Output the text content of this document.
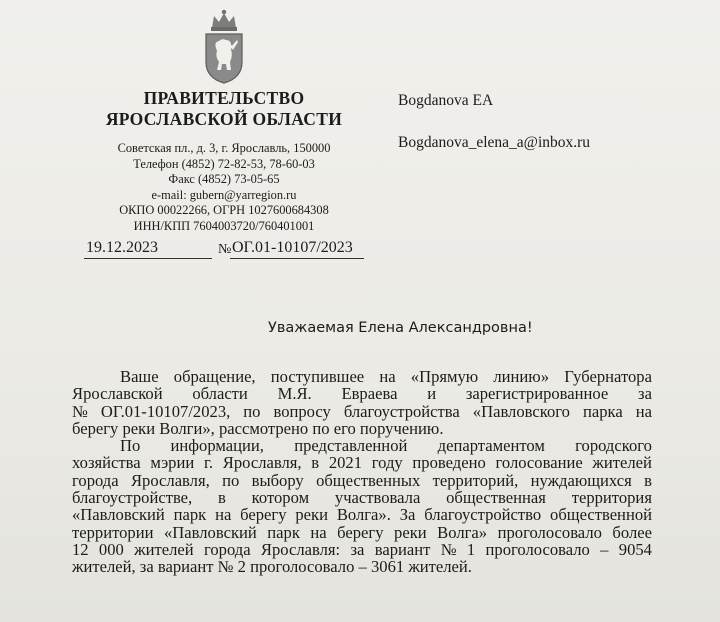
ПРАВИТЕЛЬСТВО
ЯРОСЛАВСКОЙ ОБЛАСТИ
Советская пл., д. 3, г. Ярославль, 150000
Телефон (4852) 72-82-53, 78-60-03
Факс (4852) 73-05-65
e-mail: gubern@yarregion.ru
ОКПО 00022266, ОГРН 1027600684308
ИНН/КПП 7604003720/760401001
Bogdanova EA
Bogdanova_elena_a@inbox.ru
19.12.2023	№ ОГ.01-10107/2023
Уважаемая Елена Александровна!
Ваше обращение, поступившее на «Прямую линию» Губернатора
Ярославской области М.Я. Евраева и зарегистрированное за
№ ОГ.01-10107/2023, по вопросу благоустройства «Павловского парка на
берегу реки Волги», рассмотрено по его поручению.
По информации, представленной департаментом городского
хозяйства мэрии г. Ярославля, в 2021 году проведено голосование жителей
города Ярославля, по выбору общественных территорий, нуждающихся в
благоустройстве, в котором участвовала общественная территория
«Павловский парк на берегу реки Волга». За благоустройство общественной
территории «Павловский парк на берегу реки Волга» проголосовало более
12 000 жителей города Ярославля: за вариант № 1 проголосовало – 9054
жителей, за вариант № 2 проголосовало – 3061 жителей.
